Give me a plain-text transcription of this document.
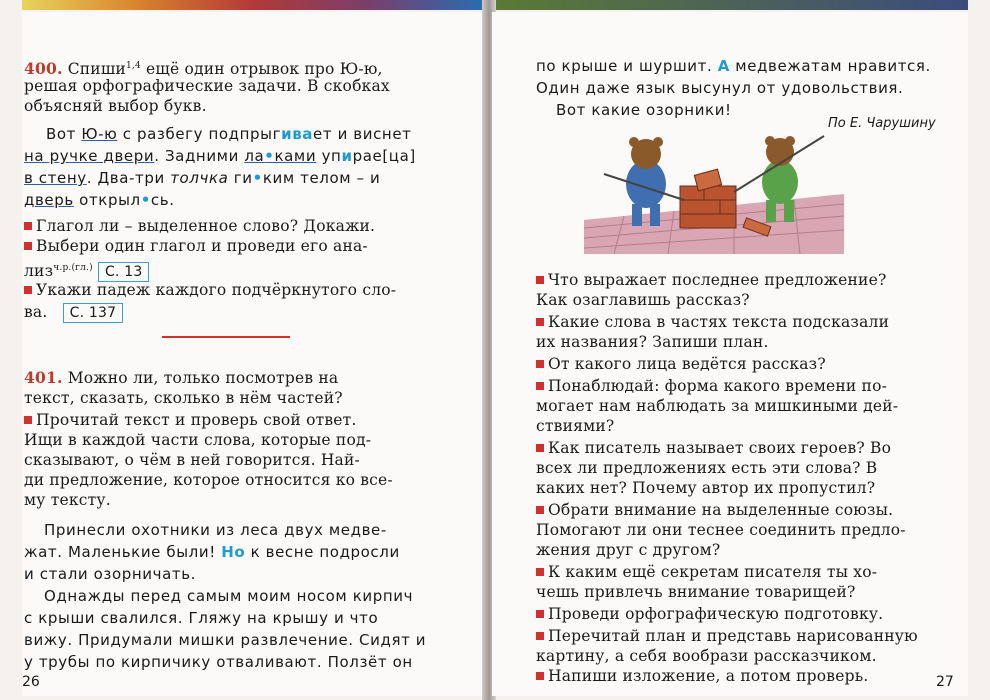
400. Спиши$^{1,4}$ ещё один отрывок про Ю-ю,
решая орфографические задачи. В скобках
объясняй выбор букв.
Вот Ю-ю с разбегу подпрыгивает и виснет
на ручке двери. Задними ла•ками упирае[ца]
в стену. Два-три толчка ги•ким телом – и
дверь открыл•сь.
Глагол ли – выделенное слово? Докажи.
Выбери один глагол и проведи его ана-
лиз$^{ч.р.(гл.)}$ С. 13
Укажи падеж каждого подчёркнутого сло-
ва. С. 137
401. Можно ли, только посмотрев на
текст, сказать, сколько в нём частей?
Прочитай текст и проверь свой ответ.
Ищи в каждой части слова, которые под-
сказывают, о чём в ней говорится. Най-
ди предложение, которое относится ко все-
му тексту.
Принесли охотники из леса двух медве-
жат. Маленькие были! Но к весне подросли
и стали озорничать.
Однажды перед самым моим носом кирпич
с крыши свалился. Гляжу на крышу и что
вижу. Придумали мишки развлечение. Сидят и
у трубы по кирпичику отваливают. Ползёт он
26
по крыше и шуршит. А медвежатам нравится.
Один даже язык высунул от удовольствия.
Вот какие озорники!
По Е. Чарушину
Что выражает последнее предложение?
Как озаглавишь рассказ?
Какие слова в частях текста подсказали
их названия? Запиши план.
От какого лица ведётся рассказ?
Понаблюдай: форма какого времени по-
могает нам наблюдать за мишкиными дей-
ствиями?
Как писатель называет своих героев? Во
всех ли предложениях есть эти слова? В
каких нет? Почему автор их пропустил?
Обрати внимание на выделенные союзы.
Помогают ли они теснее соединить предло-
жения друг с другом?
К каким ещё секретам писателя ты хо-
чешь привлечь внимание товарищей?
Проведи орфографическую подготовку.
Перечитай план и представь нарисованную
картину, а себя вообрази рассказчиком.
Напиши изложение, а потом проверь.	27
